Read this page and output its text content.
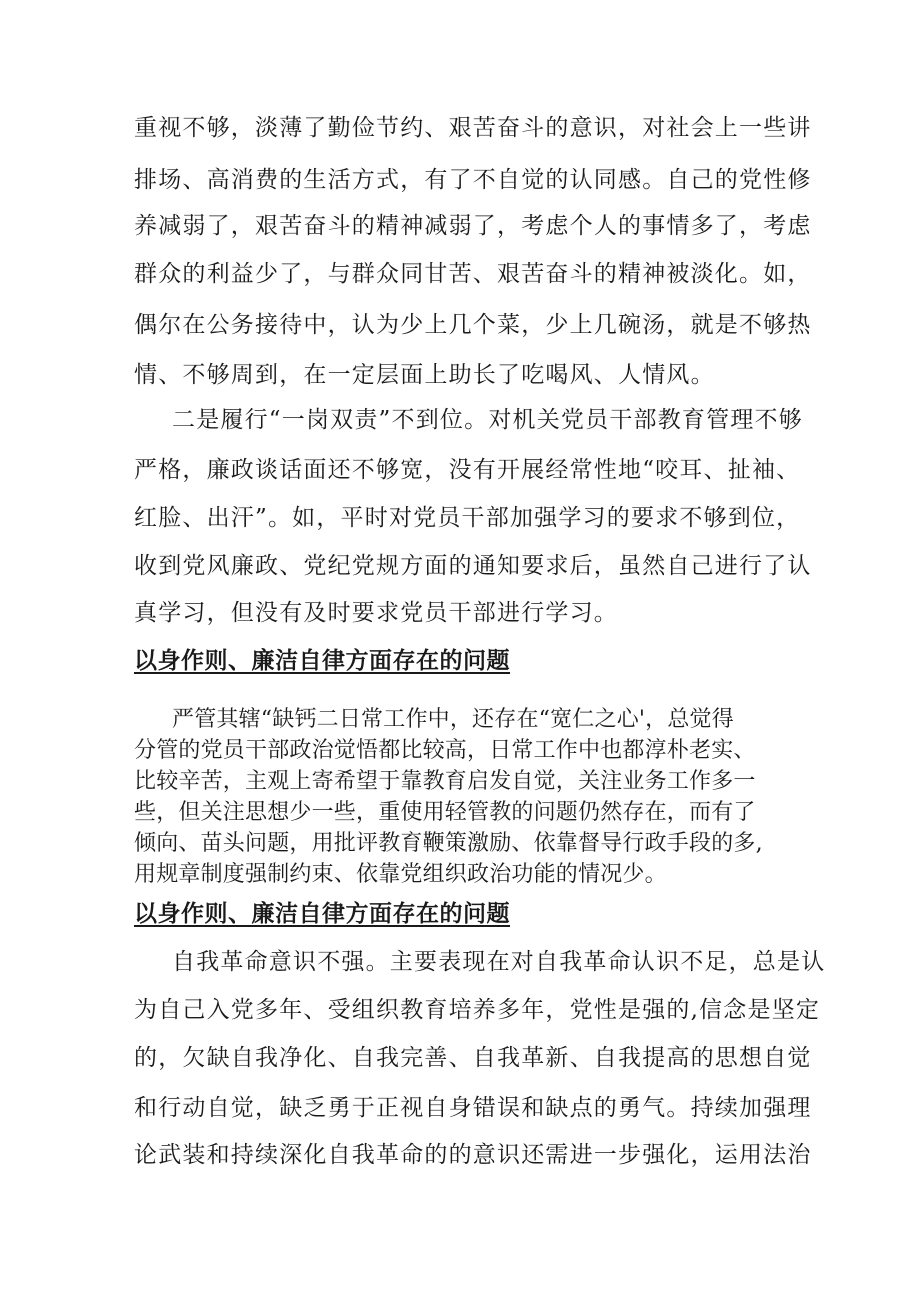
重视不够，淡薄了勤俭节约、艰苦奋斗的意识，对社会上一些讲
排场、高消费的生活方式，有了不自觉的认同感。自己的党性修
养减弱了，艰苦奋斗的精神减弱了，考虑个人的事情多了，考虑
群众的利益少了，与群众同甘苦、艰苦奋斗的精神被淡化。如，
偶尔在公务接待中，认为少上几个菜，少上几碗汤，就是不够热
情、不够周到，在一定层面上助长了吃喝风、人情风。
二是履行“一岗双责”不到位。对机关党员干部教育管理不够
严格，廉政谈话面还不够宽，没有开展经常性地“咬耳、扯袖、
红脸、出汗”。如，平时对党员干部加强学习的要求不够到位，
收到党风廉政、党纪党规方面的通知要求后，虽然自己进行了认
真学习，但没有及时要求党员干部进行学习。
以身作则、廉洁自律方面存在的问题
严管其辖“缺钙二日常工作中，还存在“宽仁之心'，总觉得
分管的党员干部政治觉悟都比较高，日常工作中也都淳朴老实、
比较辛苦，主观上寄希望于靠教育启发自觉，关注业务工作多一
些，但关注思想少一些，重使用轻管教的问题仍然存在，而有了
倾向、苗头问题，用批评教育鞭策激励、依靠督导行政手段的多,
用规章制度强制约束、依靠党组织政治功能的情况少。
以身作则、廉洁自律方面存在的问题
自我革命意识不强。主要表现在对自我革命认识不足，总是认
为自己入党多年、受组织教育培养多年，党性是强的,信念是坚定
的，欠缺自我净化、自我完善、自我革新、自我提高的思想自觉
和行动自觉，缺乏勇于正视自身错误和缺点的勇气。持续加强理
论武装和持续深化自我革命的的意识还需进一步强化，运用法治
